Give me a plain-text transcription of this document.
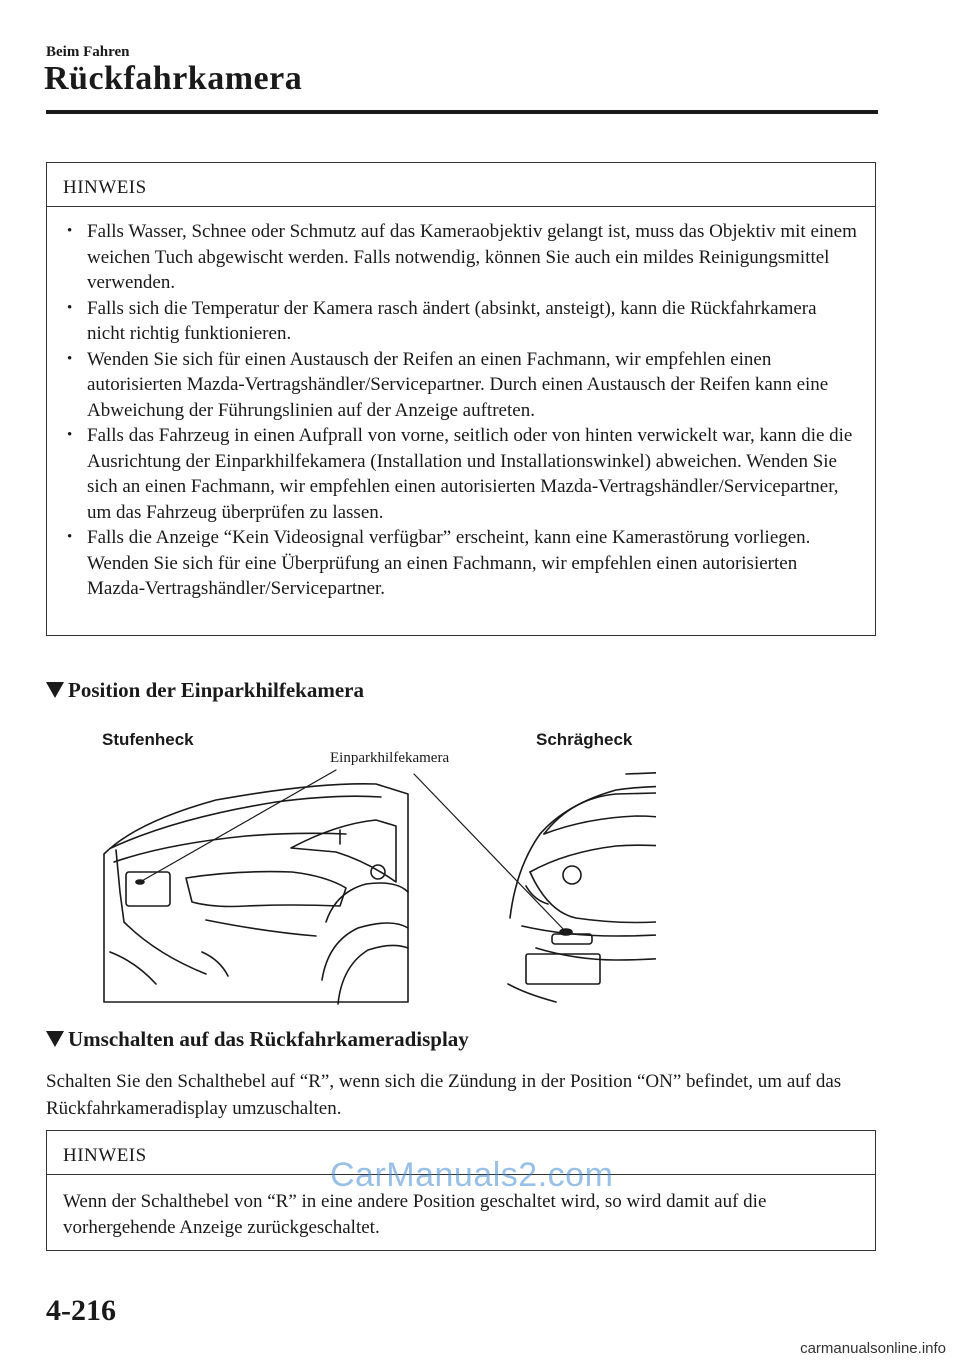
Beim Fahren
Rückfahrkamera
HINWEIS
• Falls Wasser, Schnee oder Schmutz auf das Kameraobjektiv gelangt ist, muss das Objektiv mit einem weichen Tuch abgewischt werden. Falls notwendig, können Sie auch ein mildes Reinigungsmittel verwenden.
• Falls sich die Temperatur der Kamera rasch ändert (absinkt, ansteigt), kann die Rückfahrkamera nicht richtig funktionieren.
• Wenden Sie sich für einen Austausch der Reifen an einen Fachmann, wir empfehlen einen autorisierten Mazda-Vertragshändler/Servicepartner. Durch einen Austausch der Reifen kann eine Abweichung der Führungslinien auf der Anzeige auftreten.
• Falls das Fahrzeug in einen Aufprall von vorne, seitlich oder von hinten verwickelt war, kann die die Ausrichtung der Einparkhilfekamera (Installation und Installationswinkel) abweichen. Wenden Sie sich an einen Fachmann, wir empfehlen einen autorisierten Mazda-Vertragshändler/Servicepartner, um das Fahrzeug überprüfen zu lassen.
• Falls die Anzeige “Kein Videosignal verfügbar” erscheint, kann eine Kamerastörung vorliegen. Wenden Sie sich für eine Überprüfung an einen Fachmann, wir empfehlen einen autorisierten Mazda-Vertragshändler/Servicepartner.
Position der Einparkhilfekamera
Stufenheck	Schrägheck
Einparkhilfekamera
Umschalten auf das Rückfahrkameradisplay
Schalten Sie den Schalthebel auf “R”, wenn sich die Zündung in der Position “ON” befindet, um auf das Rückfahrkameradisplay umzuschalten.
HINWEIS
Wenn der Schalthebel von “R” in eine andere Position geschaltet wird, so wird damit auf die vorhergehende Anzeige zurückgeschaltet.
CarManuals2.com
4-216
carmanualsonline.info
